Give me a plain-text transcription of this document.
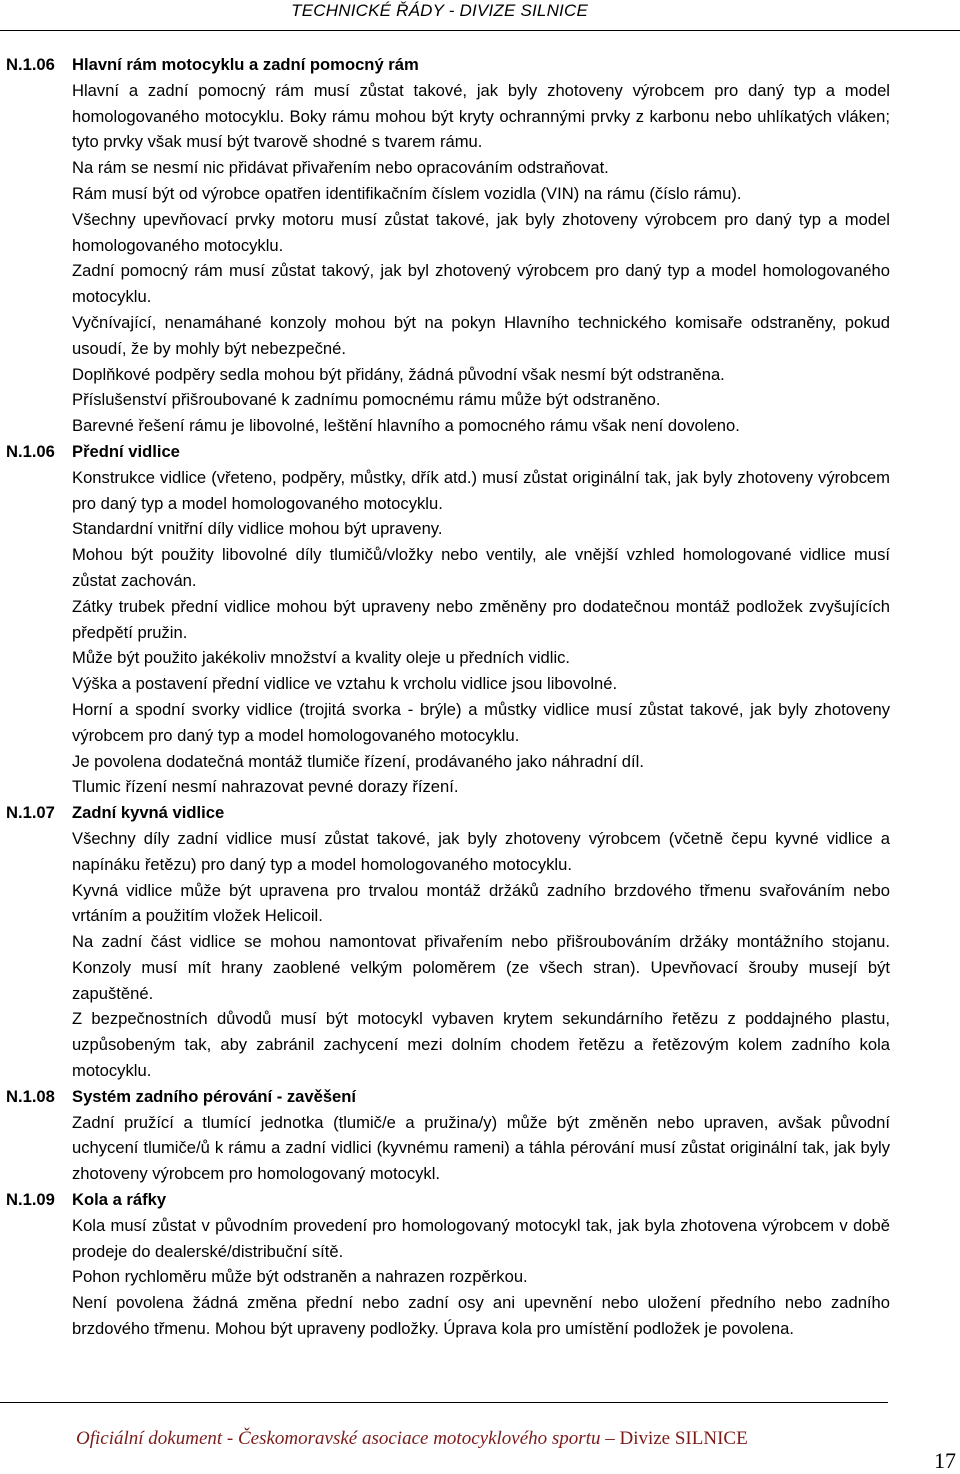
TECHNICKÉ ŘÁDY - DIVIZE SILNICE
N.1.06	Hlavní rám motocyklu a zadní pomocný rám
Hlavní a zadní pomocný rám musí zůstat takové, jak byly zhotoveny výrobcem pro daný typ a model homologovaného motocyklu. Boky rámu mohou být kryty ochrannými prvky z karbonu nebo uhlíkatých vláken; tyto prvky však musí být tvarově shodné s tvarem rámu.
Na rám se nesmí nic přidávat přivařením nebo opracováním odstraňovat.
Rám musí být od výrobce opatřen identifikačním číslem vozidla (VIN) na rámu (číslo rámu).
Všechny upevňovací prvky motoru musí zůstat takové, jak byly zhotoveny výrobcem pro daný typ a model homologovaného motocyklu.
Zadní pomocný rám musí zůstat takový, jak byl zhotovený výrobcem pro daný typ a model homologovaného motocyklu.
Vyčnívající, nenamáhané konzoly mohou být na pokyn Hlavního technického komisaře odstraněny, pokud usoudí, že by mohly být nebezpečné.
Doplňkové podpěry sedla mohou být přidány, žádná původní však nesmí být odstraněna.
Příslušenství přišroubované k zadnímu pomocnému rámu může být odstraněno.
Barevné řešení rámu je libovolné, leštění hlavního a pomocného rámu však není dovoleno.
N.1.06	Přední vidlice
Konstrukce vidlice (vřeteno, podpěry, můstky, dřík atd.) musí zůstat originální tak, jak byly zhotoveny výrobcem pro daný typ a model homologovaného motocyklu.
Standardní vnitřní díly vidlice mohou být upraveny.
Mohou být použity libovolné díly tlumičů/vložky nebo ventily, ale vnější vzhled homologované vidlice musí zůstat zachován.
Zátky trubek přední vidlice mohou být upraveny nebo změněny pro dodatečnou montáž podložek zvyšujících předpětí pružin.
Může být použito jakékoliv množství a kvality oleje u předních vidlic.
Výška a postavení přední vidlice ve vztahu k vrcholu vidlice jsou libovolné.
Horní a spodní svorky vidlice (trojitá svorka - brýle) a můstky vidlice musí zůstat takové, jak byly zhotoveny výrobcem pro daný typ a model homologovaného motocyklu.
Je povolena dodatečná montáž tlumiče řízení, prodávaného jako náhradní díl.
Tlumic řízení nesmí nahrazovat pevné dorazy řízení.
N.1.07	Zadní kyvná vidlice
Všechny díly zadní vidlice musí zůstat takové, jak byly zhotoveny výrobcem (včetně čepu kyvné vidlice a napínáku řetězu) pro daný typ a model homologovaného motocyklu.
Kyvná vidlice může být upravena pro trvalou montáž držáků zadního brzdového třmenu svařováním nebo vrtáním a použitím vložek Helicoil.
Na zadní část vidlice se mohou namontovat přivařením nebo přišroubováním držáky montážního stojanu. Konzoly musí mít hrany zaoblené velkým poloměrem (ze všech stran). Upevňovací šrouby musejí být zapuštěné.
Z bezpečnostních důvodů musí být motocykl vybaven krytem sekundárního řetězu z poddajného plastu, uzpůsobeným tak, aby zabránil zachycení mezi dolním chodem řetězu a řetězovým kolem zadního kola motocyklu.
N.1.08	Systém zadního pérování - zavěšení
Zadní pružící a tlumící jednotka (tlumič/e a pružina/y) může být změněn nebo upraven, avšak původní uchycení tlumiče/ů k rámu a zadní vidlici (kyvnému rameni) a táhla pérování musí zůstat originální tak, jak byly zhotoveny výrobcem pro homologovaný motocykl.
N.1.09	Kola a ráfky
Kola musí zůstat v původním provedení pro homologovaný motocykl tak, jak byla zhotovena výrobcem v době prodeje do dealerské/distribuční sítě.
Pohon rychloměru může být odstraněn a nahrazen rozpěrkou.
Není povolena žádná změna přední nebo zadní osy ani upevnění nebo uložení předního nebo zadního brzdového třmenu. Mohou být upraveny podložky. Úprava kola pro umístění podložek je povolena.
Oficiální dokument - Českomoravské asociace motocyklového sportu – Divize SILNICE
17
